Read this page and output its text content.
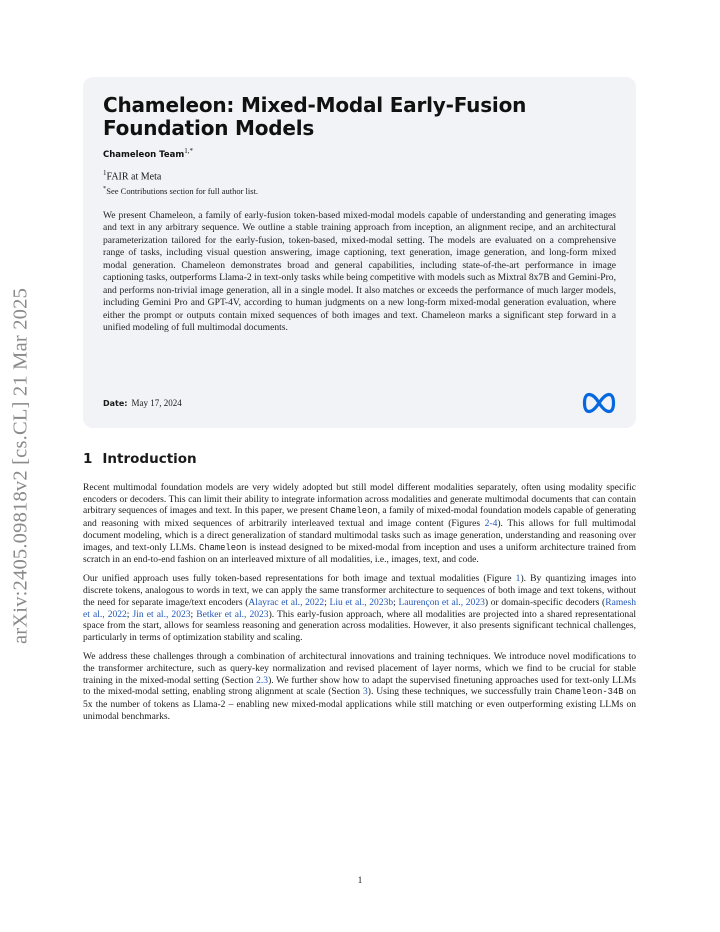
arXiv:2405.09818v2 [cs.CL] 21 Mar 2025
Chameleon: Mixed-Modal Early-Fusion Foundation Models
Chameleon Team$^{1,*}$
$^1$FAIR at Meta
*See Contributions section for full author list.
We present Chameleon, a family of early-fusion token-based mixed-modal models capable of understanding and generating images and text in any arbitrary sequence. We outline a stable training approach from inception, an alignment recipe, and an architectural parameterization tailored for the early-fusion, token-based, mixed-modal setting. The models are evaluated on a comprehensive range of tasks, including visual question answering, image captioning, text generation, image generation, and long-form mixed modal generation. Chameleon demonstrates broad and general capabilities, including state-of-the-art performance in image captioning tasks, outperforms Llama-2 in text-only tasks while being competitive with models such as Mixtral 8x7B and Gemini-Pro, and performs non-trivial image generation, all in a single model. It also matches or exceeds the performance of much larger models, including Gemini Pro and GPT-4V, according to human judgments on a new long-form mixed-modal generation evaluation, where either the prompt or outputs contain mixed sequences of both images and text. Chameleon marks a significant step forward in a unified modeling of full multimodal documents.
Date: May 17, 2024
1 Introduction

Recent multimodal foundation models are very widely adopted but still model different modalities separately, often using modality specific encoders or decoders. This can limit their ability to integrate information across modalities and generate multimodal documents that can contain arbitrary sequences of images and text. In this paper, we present Chameleon, a family of mixed-modal foundation models capable of generating and reasoning with mixed sequences of arbitrarily interleaved textual and image content (Figures 2-4). This allows for full multimodal document modeling, which is a direct generalization of standard multimodal tasks such as image generation, understanding and reasoning over images, and text-only LLMs. Chameleon is instead designed to be mixed-modal from inception and uses a uniform architecture trained from scratch in an end-to-end fashion on an interleaved mixture of all modalities, i.e., images, text, and code.

Our unified approach uses fully token-based representations for both image and textual modalities (Figure 1). By quantizing images into discrete tokens, analogous to words in text, we can apply the same transformer architecture to sequences of both image and text tokens, without the need for separate image/text encoders (Alayrac et al., 2022; Liu et al., 2023b; Laurençon et al., 2023) or domain-specific decoders (Ramesh et al., 2022; Jin et al., 2023; Betker et al., 2023). This early-fusion approach, where all modalities are projected into a shared representational space from the start, allows for seamless reasoning and generation across modalities. However, it also presents significant technical challenges, particularly in terms of optimization stability and scaling.

We address these challenges through a combination of architectural innovations and training techniques. We introduce novel modifications to the transformer architecture, such as query-key normalization and revised placement of layer norms, which we find to be crucial for stable training in the mixed-modal setting (Section 2.3). We further show how to adapt the supervised finetuning approaches used for text-only LLMs to the mixed-modal setting, enabling strong alignment at scale (Section 3). Using these techniques, we successfully train Chameleon-34B on 5x the number of tokens as Llama-2 – enabling new mixed-modal applications while still matching or even outperforming existing LLMs on unimodal benchmarks.

1
